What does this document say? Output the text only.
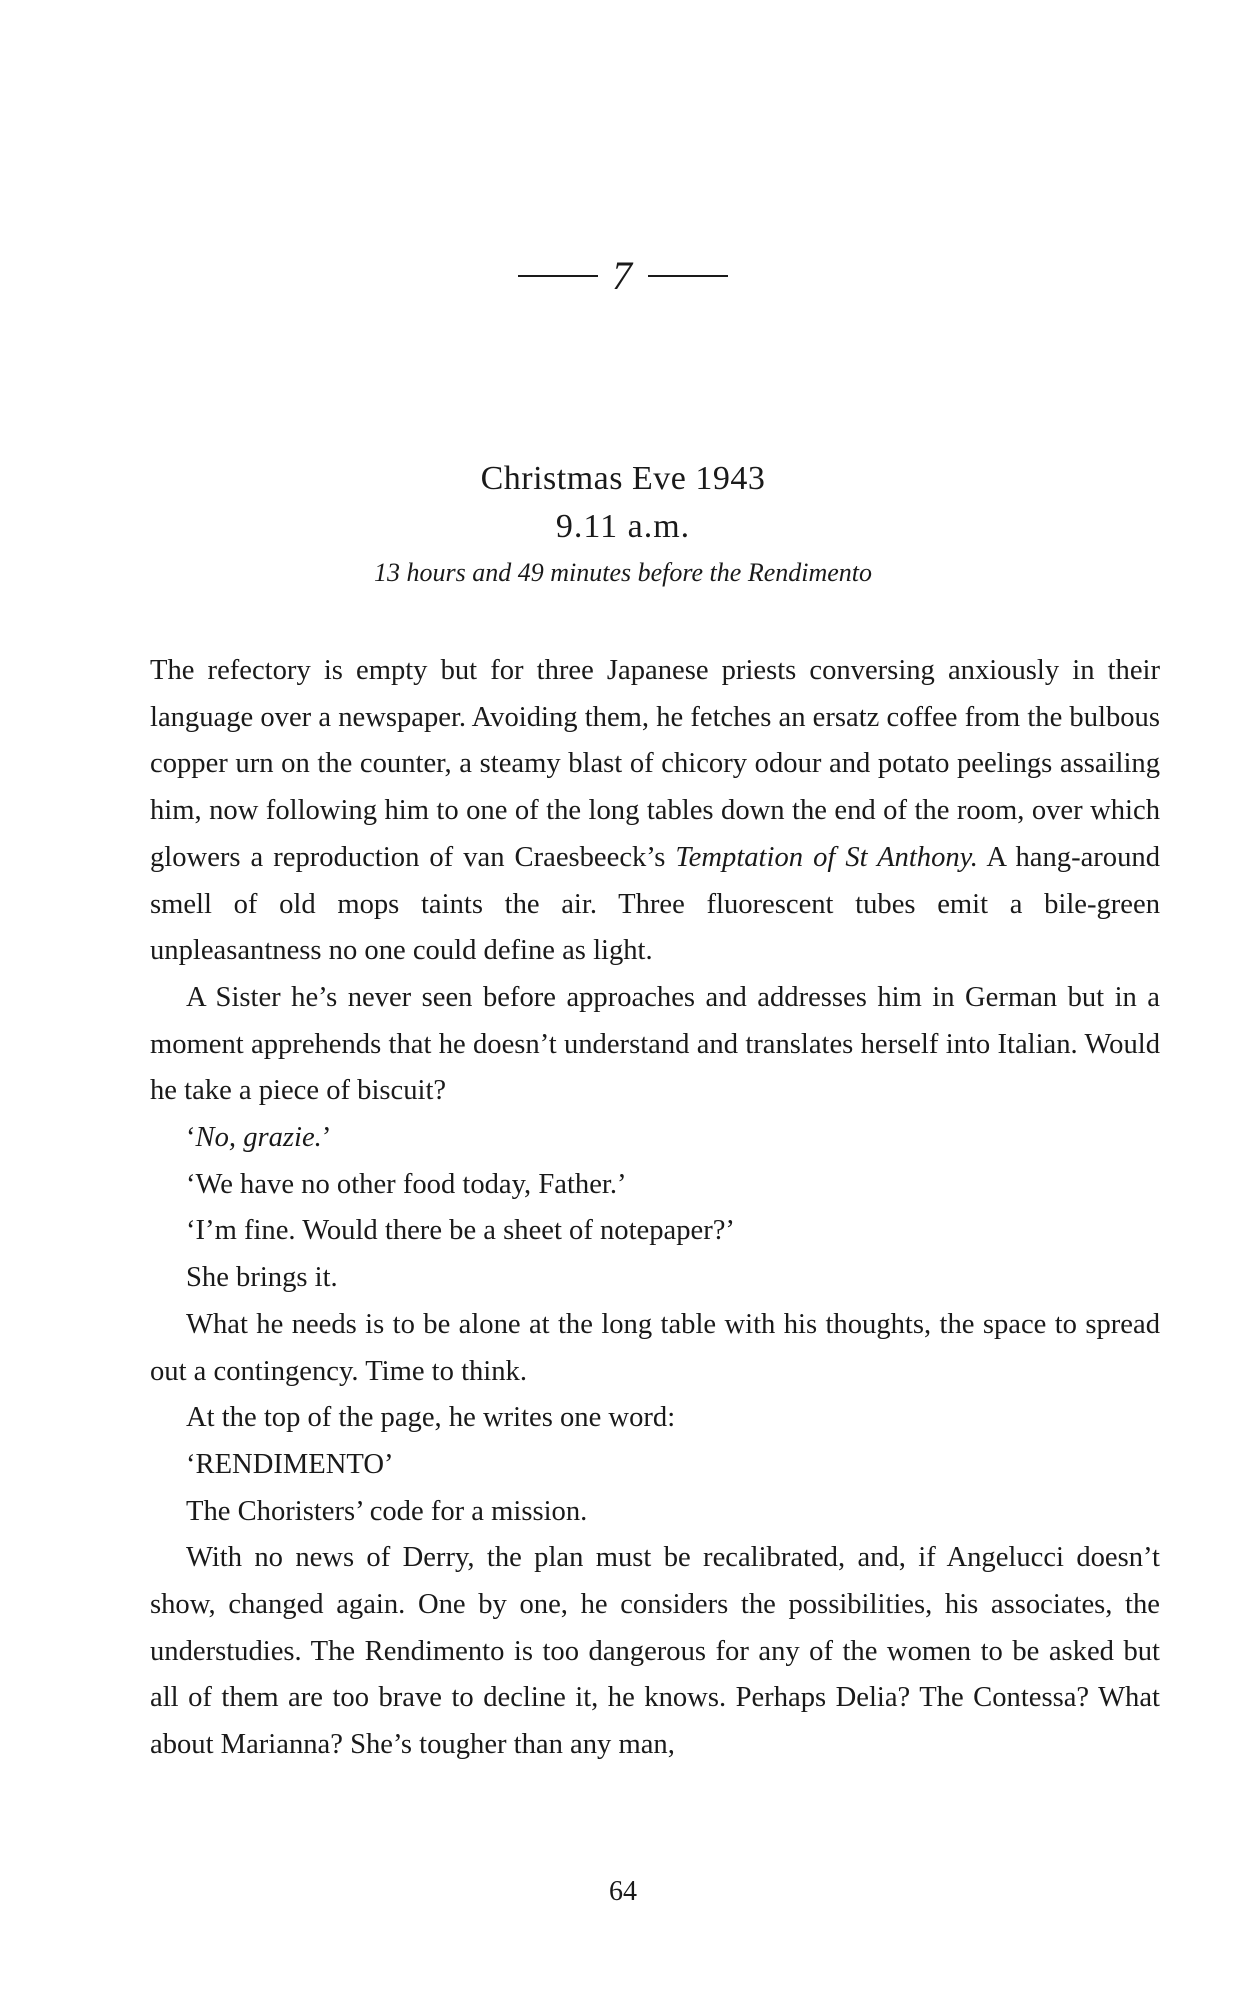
7
Christmas Eve 1943
9.11 a.m.
13 hours and 49 minutes before the Rendimento

The refectory is empty but for three Japanese priests conversing anxiously in their language over a newspaper. Avoiding them, he fetches an ersatz coffee from the bulbous copper urn on the counter, a steamy blast of chicory odour and potato peelings assailing him, now following him to one of the long tables down the end of the room, over which glowers a reproduction of van Craesbeeck’s Temptation of St Anthony. A hang-around smell of old mops taints the air. Three fluorescent tubes emit a bile-green unpleasantness no one could define as light.

A Sister he’s never seen before approaches and addresses him in German but in a moment apprehends that he doesn’t understand and translates herself into Italian. Would he take a piece of biscuit?

‘No, grazie.’

‘We have no other food today, Father.’

‘I’m fine. Would there be a sheet of notepaper?’

She brings it.

What he needs is to be alone at the long table with his thoughts, the space to spread out a contingency. Time to think.

At the top of the page, he writes one word:

‘RENDIMENTO’

The Choristers’ code for a mission.

With no news of Derry, the plan must be recalibrated, and, if Angelucci doesn’t show, changed again. One by one, he considers the possibilities, his associates, the understudies. The Rendimento is too dangerous for any of the women to be asked but all of them are too brave to decline it, he knows. Perhaps Delia? The Contessa? What about Marianna? She’s tougher than any man,

64
